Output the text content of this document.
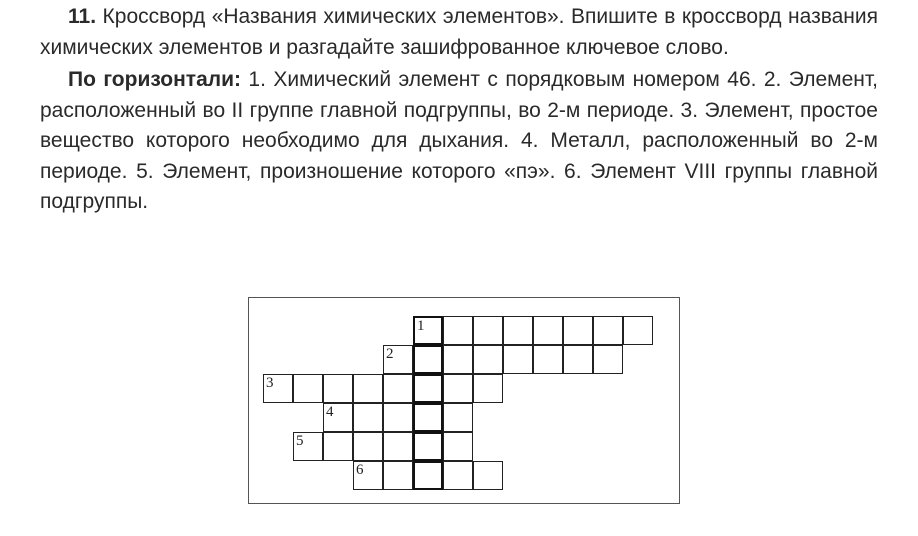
11. Кроссворд «Названия химических элементов». Впишите в кроссворд названия химических элементов и разгадайте зашифрованное ключевое слово.

По горизонтали: 1. Химический элемент с порядковым номером 46. 2. Элемент, расположенный во II группе главной подгруппы, во 2-м периоде. 3. Элемент, простое вещество которого необходимо для дыхания. 4. Металл, расположенный во 2-м периоде. 5. Элемент, произношение которого «пэ». 6. Элемент VIII группы главной подгруппы.

1
2
3
4
5
6
